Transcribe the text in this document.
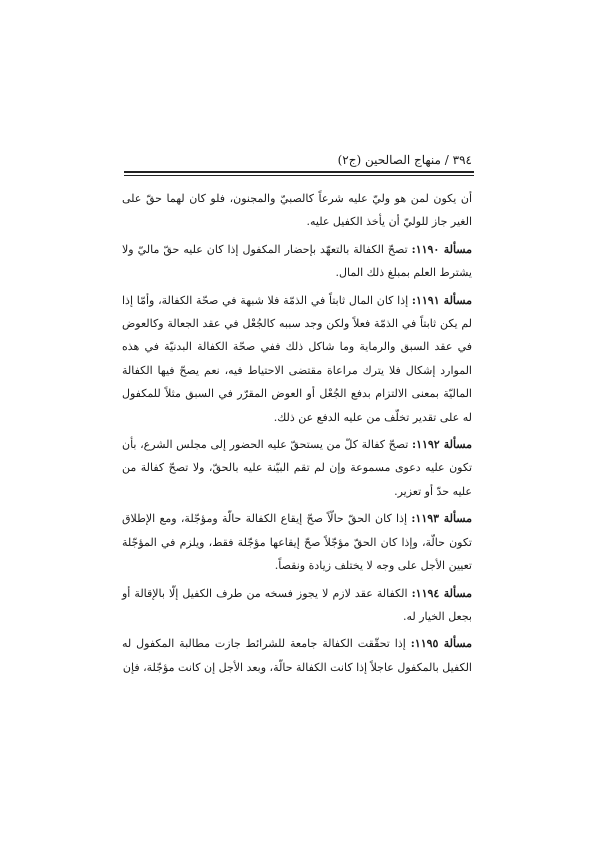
٣٩٤ / منهاج الصالحين (ج٢)

أن يكون لمن هو وليّ عليه شرعاً كالصبيّ والمجنون، فلو كان لهما حقّ على الغير جاز للوليّ أن يأخذ الكفيل عليه.

مسألة ١١٩٠: تصحّ الكفالة بالتعهّد بإحضار المكفول إذا كان عليه حقّ ماليّ ولا يشترط العلم بمبلغ ذلك المال.

مسألة ١١٩١: إذا كان المال ثابتاً في الذمّة فلا شبهة في صحّة الكفالة، وأمّا إذا لم يكن ثابتاً في الذمّة فعلاً ولكن وجد سببه كالجُعْل في عقد الجعالة وكالعوض في عقد السبق والرماية وما شاكل ذلك ففي صحّة الكفالة البدنيّة في هذه الموارد إشكال فلا يترك مراعاة مقتضى الاحتياط فيه، نعم يصحّ فيها الكفالة الماليّة بمعنى الالتزام بدفع الجُعْل أو العوض المقرّر في السبق مثلاً للمكفول له على تقدير تخلّف من عليه الدفع عن ذلك.

مسألة ١١٩٢: تصحّ كفالة كلّ من يستحقّ عليه الحضور إلى مجلس الشرع، بأن تكون عليه دعوى مسموعة وإن لم تقم البيّنة عليه بالحقّ، ولا تصحّ كفالة من عليه حدّ أو تعزير.

مسألة ١١٩٣: إذا كان الحقّ حالّاً صحّ إيقاع الكفالة حالّة ومؤجّلة، ومع الإطلاق تكون حالّة، وإذا كان الحقّ مؤجّلاً صحّ إيقاعها مؤجّلة فقط، ويلزم في المؤجّلة تعيين الأجل على وجه لا يختلف زيادة ونقصاً.

مسألة ١١٩٤: الكفالة عقد لازم لا يجوز فسخه من طرف الكفيل إلّا بالإقالة أو بجعل الخيار له.

مسألة ١١٩٥: إذا تحقّقت الكفالة جامعة للشرائط جازت مطالبة المكفول له الكفيل بالمكفول عاجلاً إذا كانت الكفالة حالّة، وبعد الأجل إن كانت مؤجّلة، فإن
